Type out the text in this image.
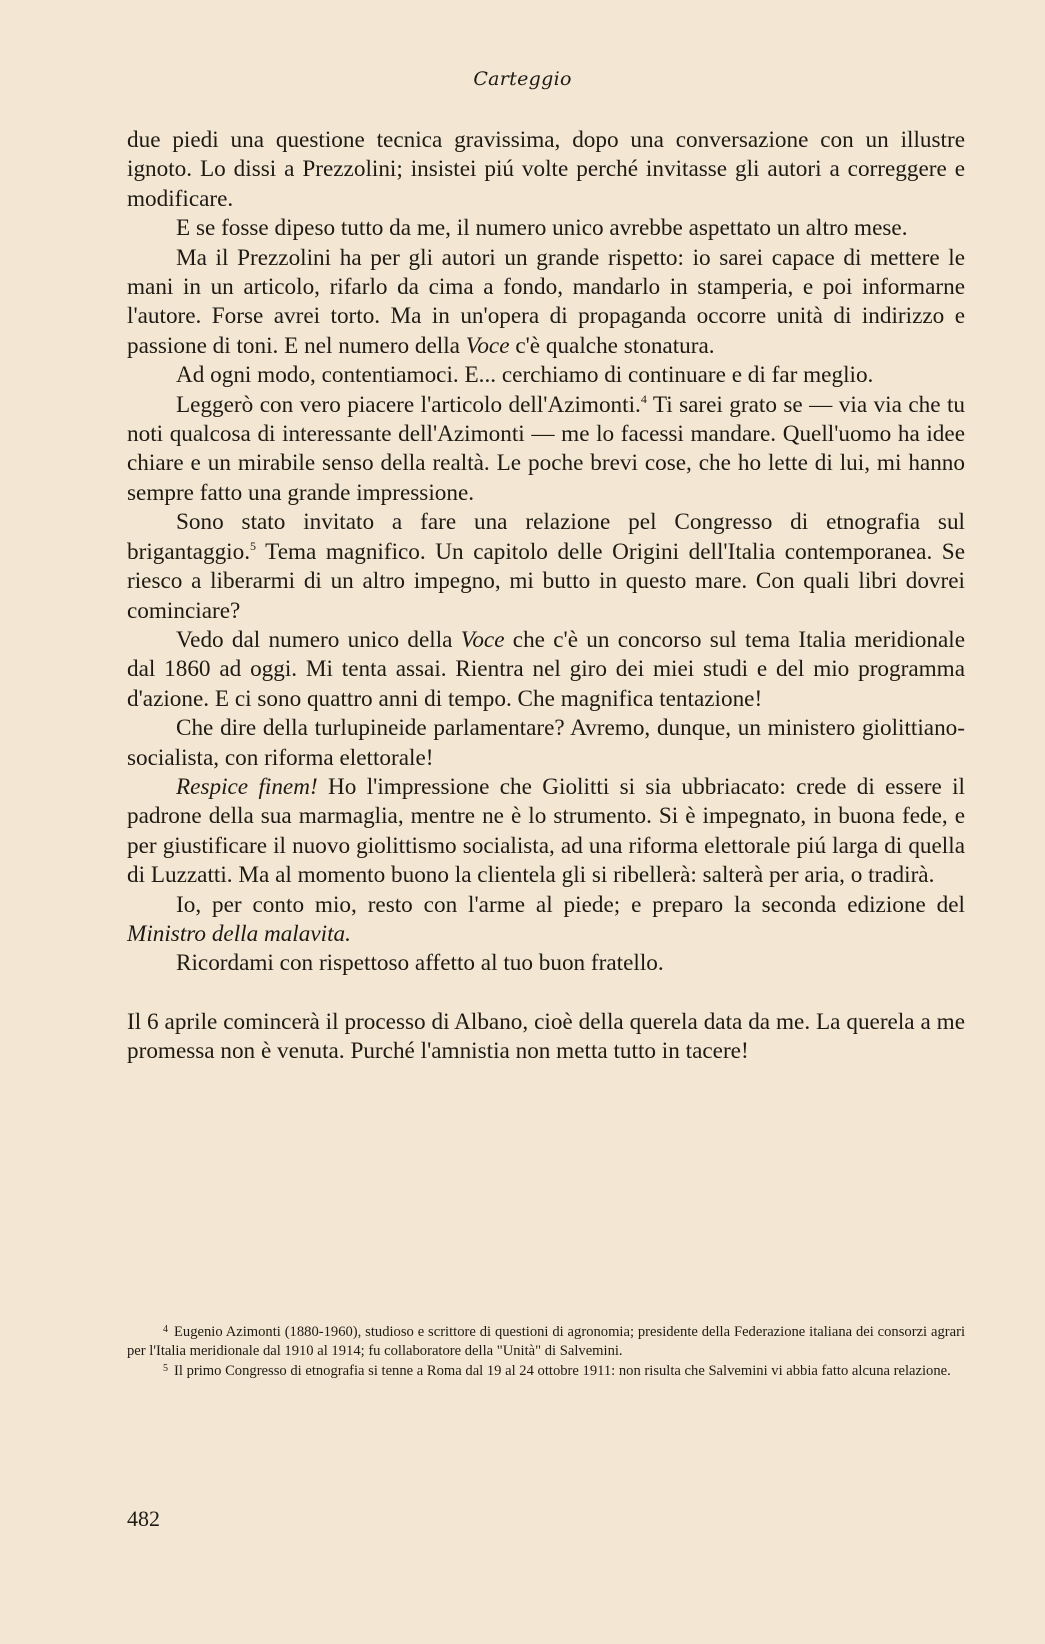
Carteggio

due piedi una questione tecnica gravissima, dopo una conversazione con un illustre ignoto. Lo dissi a Prezzolini; insistei piú volte perché invitasse gli autori a correggere e modificare.

E se fosse dipeso tutto da me, il numero unico avrebbe aspettato un altro mese.

Ma il Prezzolini ha per gli autori un grande rispetto: io sarei capace di mettere le mani in un articolo, rifarlo da cima a fondo, mandarlo in stamperia, e poi informarne l'autore. Forse avrei torto. Ma in un'opera di propaganda occorre unità di indirizzo e passione di toni. E nel numero della Voce c'è qualche stonatura.

Ad ogni modo, contentiamoci. E... cerchiamo di continuare e di far meglio.

Leggerò con vero piacere l'articolo dell'Azimonti.$^4$ Ti sarei grato se — via via che tu noti qualcosa di interessante dell'Azimonti — me lo facessi mandare. Quell'uomo ha idee chiare e un mirabile senso della realtà. Le poche brevi cose, che ho lette di lui, mi hanno sempre fatto una grande impressione.

Sono stato invitato a fare una relazione pel Congresso di etnografia sul brigantaggio.$^5$ Tema magnifico. Un capitolo delle Origini dell'Italia contemporanea. Se riesco a liberarmi di un altro impegno, mi butto in questo mare. Con quali libri dovrei cominciare?

Vedo dal numero unico della Voce che c'è un concorso sul tema Italia meridionale dal 1860 ad oggi. Mi tenta assai. Rientra nel giro dei miei studi e del mio programma d'azione. E ci sono quattro anni di tempo. Che magnifica tentazione!

Che dire della turlupineide parlamentare? Avremo, dunque, un ministero giolittiano-socialista, con riforma elettorale!

Respice finem! Ho l'impressione che Giolitti si sia ubbriacato: crede di essere il padrone della sua marmaglia, mentre ne è lo strumento. Si è impegnato, in buona fede, e per giustificare il nuovo giolittismo socialista, ad una riforma elettorale piú larga di quella di Luzzatti. Ma al momento buono la clientela gli si ribellerà: salterà per aria, o tradirà.

Io, per conto mio, resto con l'arme al piede; e preparo la seconda edizione del Ministro della malavita.

Ricordami con rispettoso affetto al tuo buon fratello.

Il 6 aprile comincerà il processo di Albano, cioè della querela data da me. La querela a me promessa non è venuta. Purché l'amnistia non metta tutto in tacere!

$^4$ Eugenio Azimonti (1880-1960), studioso e scrittore di questioni di agronomia; presidente della Federazione italiana dei consorzi agrari per l'Italia meridionale dal 1910 al 1914; fu collaboratore della "Unità" di Salvemini.

$^5$ Il primo Congresso di etnografia si tenne a Roma dal 19 al 24 ottobre 1911: non risulta che Salvemini vi abbia fatto alcuna relazione.

482
